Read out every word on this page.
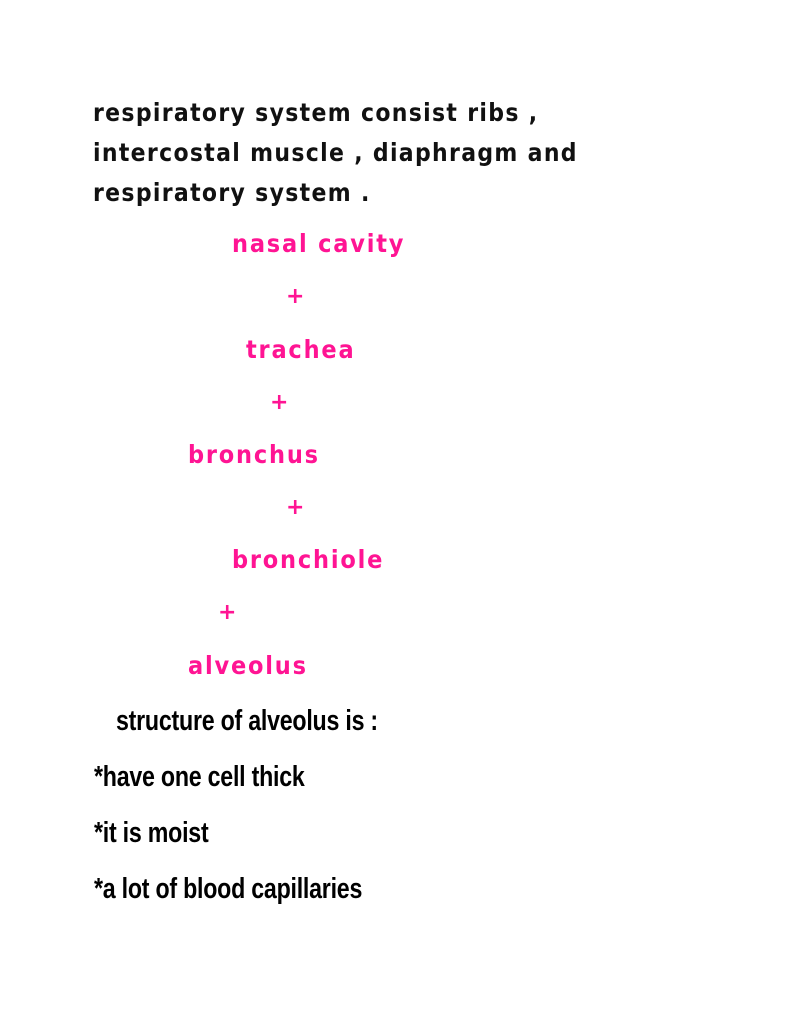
respiratory system consist ribs ,
intercostal muscle , diaphragm and
respiratory system .

nasal cavity

+

trachea

+

bronchus

+

bronchiole

+

alveolus

structure of alveolus is :

*have one cell thick

*it is moist

*a lot of blood capillaries
